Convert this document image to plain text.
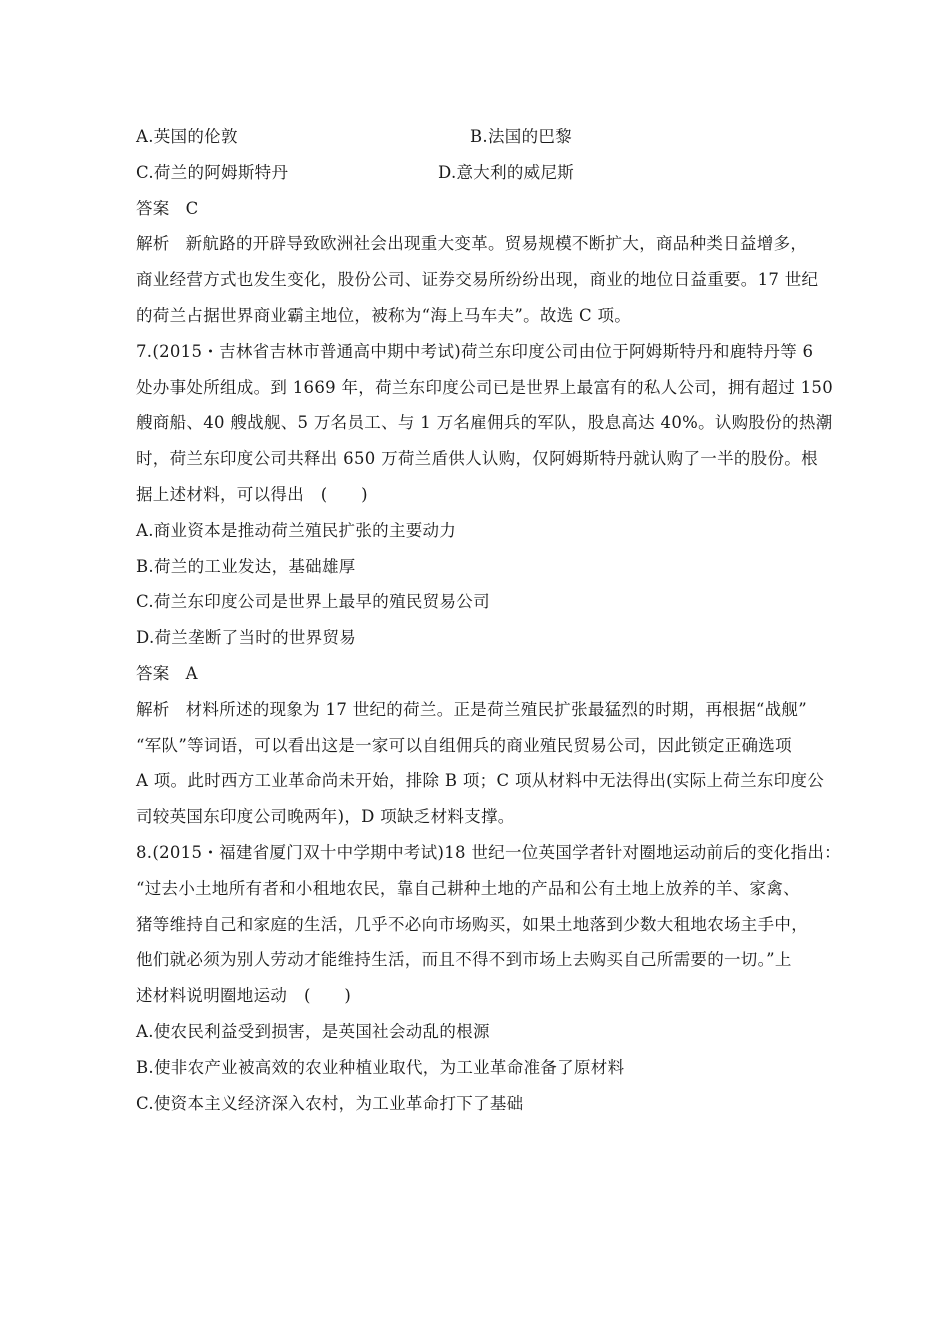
A.英国的伦敦	B.法国的巴黎
C.荷兰的阿姆斯特丹	D.意大利的威尼斯
答案 C
解析 新航路的开辟导致欧洲社会出现重大变革。贸易规模不断扩大，商品种类日益增多，
商业经营方式也发生变化，股份公司、证券交易所纷纷出现，商业的地位日益重要。17 世纪
的荷兰占据世界商业霸主地位，被称为“海上马车夫”。故选 C 项。
7.(2015・吉林省吉林市普通高中期中考试)荷兰东印度公司由位于阿姆斯特丹和鹿特丹等 6
处办事处所组成。到 1669 年，荷兰东印度公司已是世界上最富有的私人公司，拥有超过 150
艘商船、40 艘战舰、5 万名员工、与 1 万名雇佣兵的军队，股息高达 40%。认购股份的热潮
时，荷兰东印度公司共释出 650 万荷兰盾供人认购，仅阿姆斯特丹就认购了一半的股份。根
据上述材料，可以得出　(　　)
A.商业资本是推动荷兰殖民扩张的主要动力
B.荷兰的工业发达，基础雄厚
C.荷兰东印度公司是世界上最早的殖民贸易公司
D.荷兰垄断了当时的世界贸易
答案 A
解析 材料所述的现象为 17 世纪的荷兰。正是荷兰殖民扩张最猛烈的时期，再根据“战舰”
“军队”等词语，可以看出这是一家可以自组佣兵的商业殖民贸易公司，因此锁定正确选项
A 项。此时西方工业革命尚未开始，排除 B 项；C 项从材料中无法得出(实际上荷兰东印度公
司较英国东印度公司晚两年)，D 项缺乏材料支撑。
8.(2015・福建省厦门双十中学期中考试)18 世纪一位英国学者针对圈地运动前后的变化指出：
“过去小土地所有者和小租地农民，靠自己耕种土地的产品和公有土地上放养的羊、家禽、
猪等维持自己和家庭的生活，几乎不必向市场购买，如果土地落到少数大租地农场主手中，
他们就必须为别人劳动才能维持生活，而且不得不到市场上去购买自己所需要的一切。”上
述材料说明圈地运动　(　　)
A.使农民利益受到损害，是英国社会动乱的根源
B.使非农产业被高效的农业种植业取代，为工业革命准备了原材料
C.使资本主义经济深入农村，为工业革命打下了基础
